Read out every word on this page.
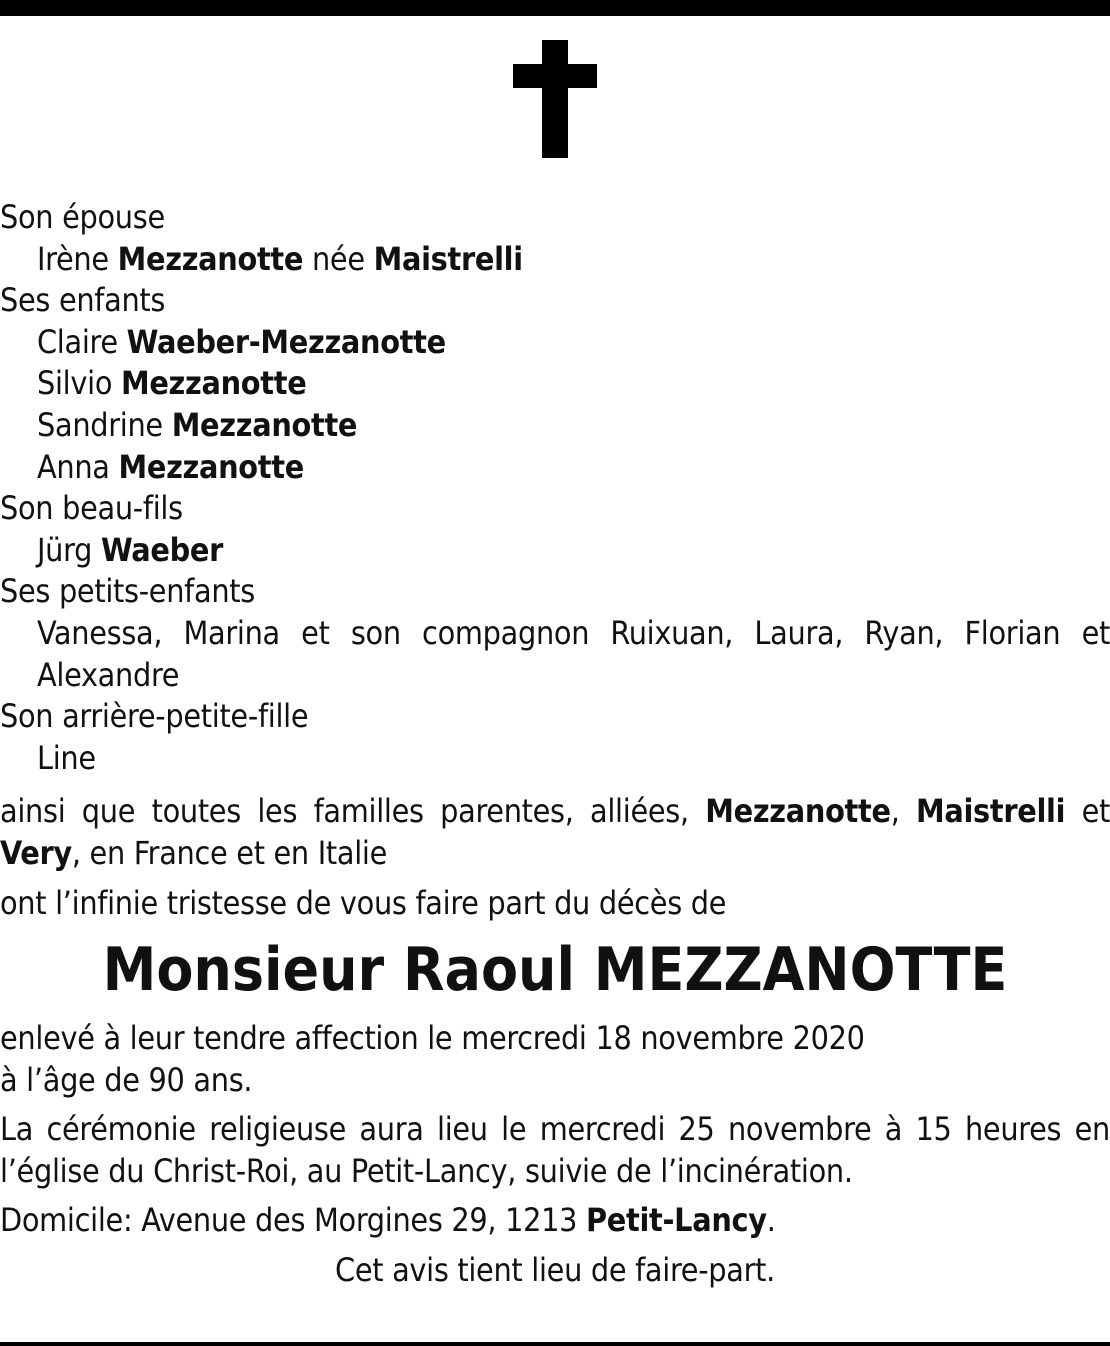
Son épouse
Irène Mezzanotte née Maistrelli
Ses enfants
Claire Waeber-Mezzanotte
Silvio Mezzanotte
Sandrine Mezzanotte
Anna Mezzanotte
Son beau-fils
Jürg Waeber
Ses petits-enfants
Vanessa, Marina et son compagnon Ruixuan, Laura, Ryan, Florian et
Alexandre
Son arrière-petite-fille
Line
ainsi que toutes les familles parentes, alliées, Mezzanotte, Maistrelli et
Very, en France et en Italie
ont l’infinie tristesse de vous faire part du décès de
Monsieur Raoul MEZZANOTTE
enlevé à leur tendre affection le mercredi 18 novembre 2020
à l’âge de 90 ans.
La cérémonie religieuse aura lieu le mercredi 25 novembre à 15 heures en
l’église du Christ-Roi, au Petit-Lancy, suivie de l’incinération.
Domicile: Avenue des Morgines 29, 1213 Petit-Lancy.
Cet avis tient lieu de faire-part.
